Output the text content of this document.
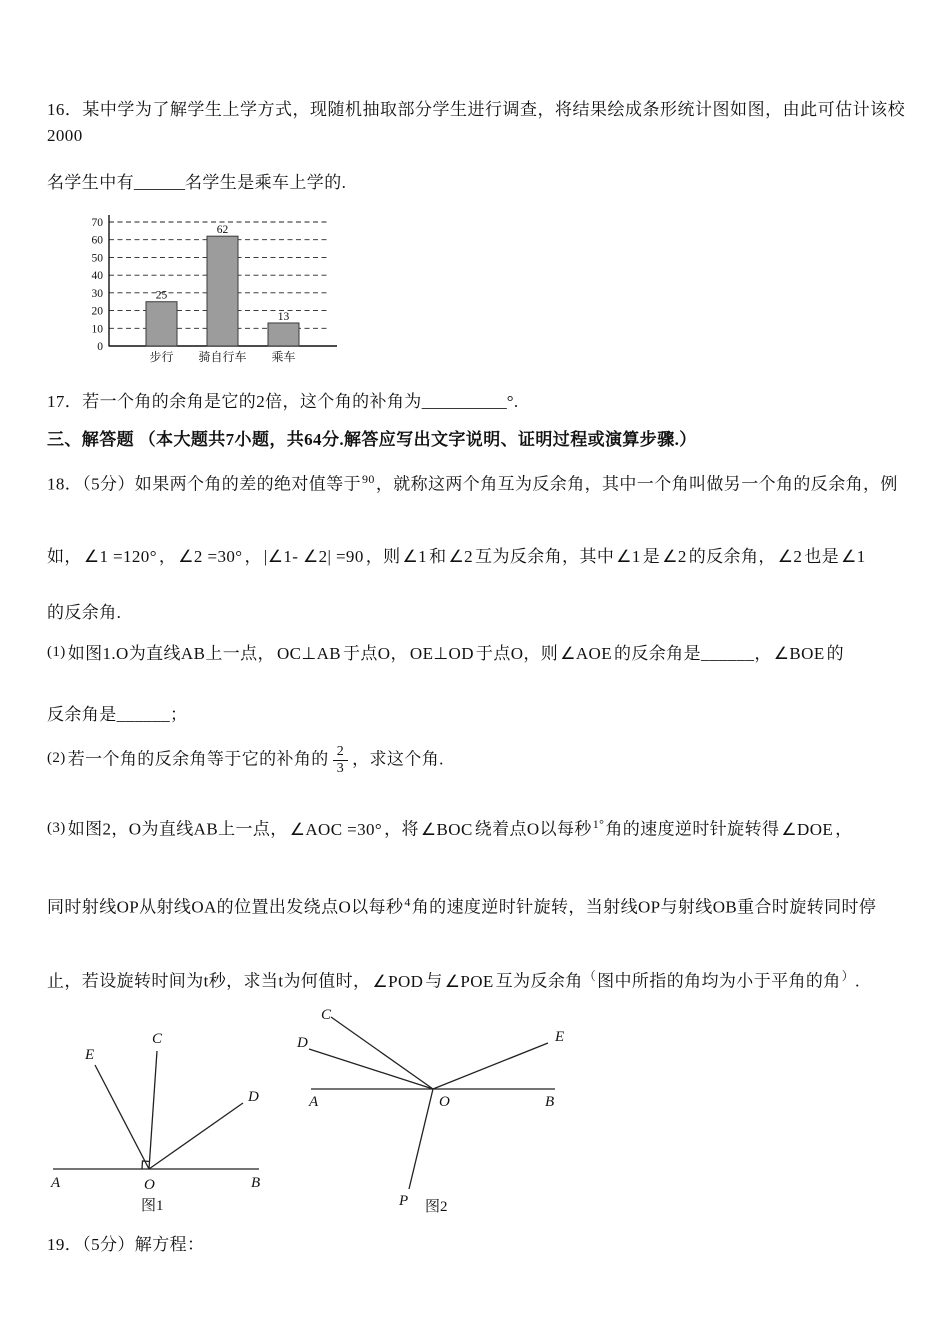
16．某中学为了解学生上学方式，现随机抽取部分学生进行调查，将结果绘成条形统计图如图，由此可估计该校2000

名学生中有______名学生是乘车上学的.

0
10
20
30
40
50
60
70
25
步行
62
骑自行车
13
乘车

17．若一个角的余角是它的2倍，这个角的补角为__________°.

三、解答题 （本大题共7小题，共64分.解答应写出文字说明、证明过程或演算步骤.）

18．（5分）如果两个角的差的绝对值等于$^{90}$，就称这两个角互为反余角，其中一个角叫做另一个角的反余角，例

如， ∠1 =120° ， ∠2 =30° ， |∠1- ∠2| =90 ，则 ∠1 和 ∠2 互为反余角，其中 ∠1 是 ∠2 的反余角， ∠2 也是 ∠1

的反余角.

(1) 如图1.O为直线AB上一点， OC⊥AB 于点O， OE⊥OD 于点O，则 ∠AOE 的反余角是______， ∠BOE 的

反余角是______；

(2) 若一个角的反余角等于它的补角的 $\frac{2}{3}$ ，求这个角.

(3) 如图2，O为直线AB上一点， ∠AOC =30° ，将 ∠BOC 绕着点O以每秒$^{1^\circ}$角的速度逆时针旋转得 ∠DOE ，

同时射线OP从射线OA的位置出发绕点O以每秒$^4$角的速度逆时针旋转，当射线OP与射线OB重合时旋转同时停

止，若设旋转时间为t秒，求当t为何值时， ∠POD 与 ∠POE 互为反余角（图中所指的角均为小于平角的角）.

E
C
D
A	O	B
图1
C
D	E
A	O	B
P 图2

19．（5分）解方程：
